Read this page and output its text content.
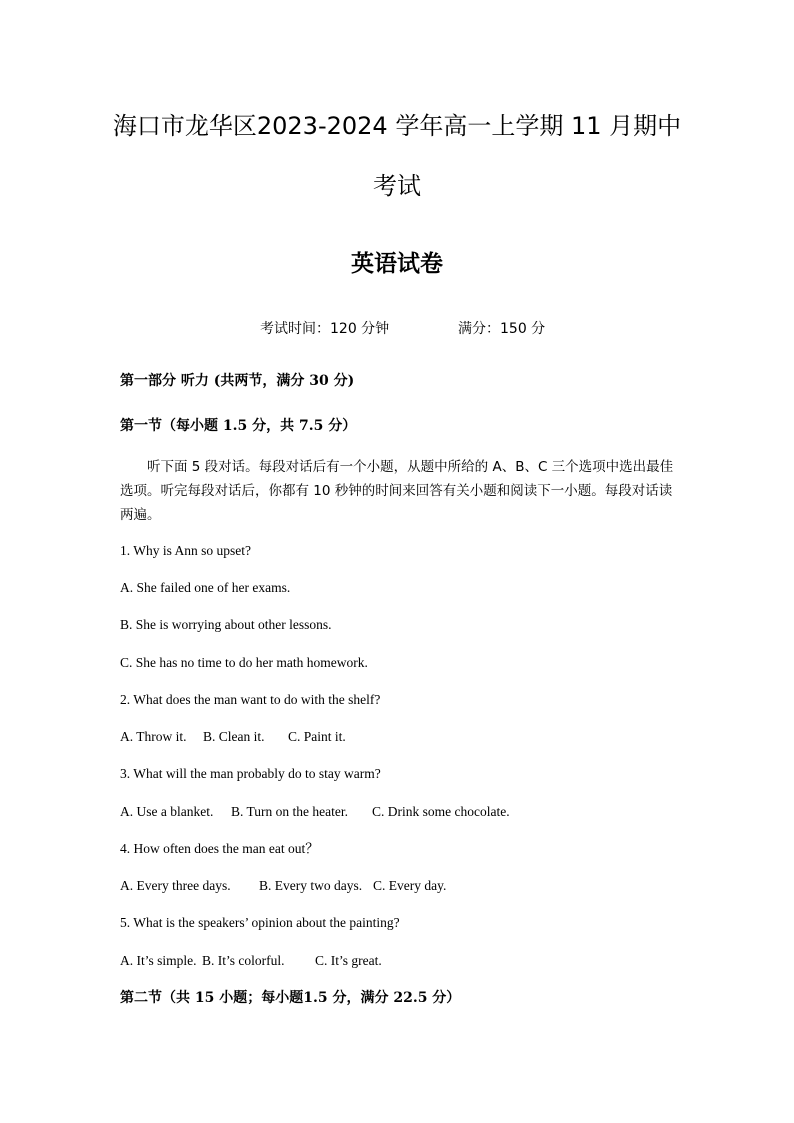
海口市龙华区2023-2024 学年高一上学期 11 月期中
考试
英语试卷
考试时间：120 分钟	满分：150 分
第一部分 听力 (共两节，满分 30 分)
第一节（每小题 1.5 分，共 7.5 分）
听下面 5 段对话。每段对话后有一个小题，从题中所给的 A、B、C 三个选项中选出最佳选项。听完每段对话后，你都有 10 秒钟的时间来回答有关小题和阅读下一小题。每段对话读两遍。
1. Why is Ann so upset?
A. She failed one of her exams.
B. She is worrying about other lessons.
C. She has no time to do her math homework.
2. What does the man want to do with the shelf?
A. Throw it. B. Clean it. C. Paint it.
3. What will the man probably do to stay warm?
A. Use a blanket. B. Turn on the heater. C. Drink some chocolate.
4. How often does the man eat out？
A. Every three days. B. Every two days. C. Every day.
5. What is the speakers’ opinion about the painting?
A. It’s simple. B. It’s colorful. C. It’s great.
第二节（共 15 小题；每小题1.5 分，满分 22.5 分）
